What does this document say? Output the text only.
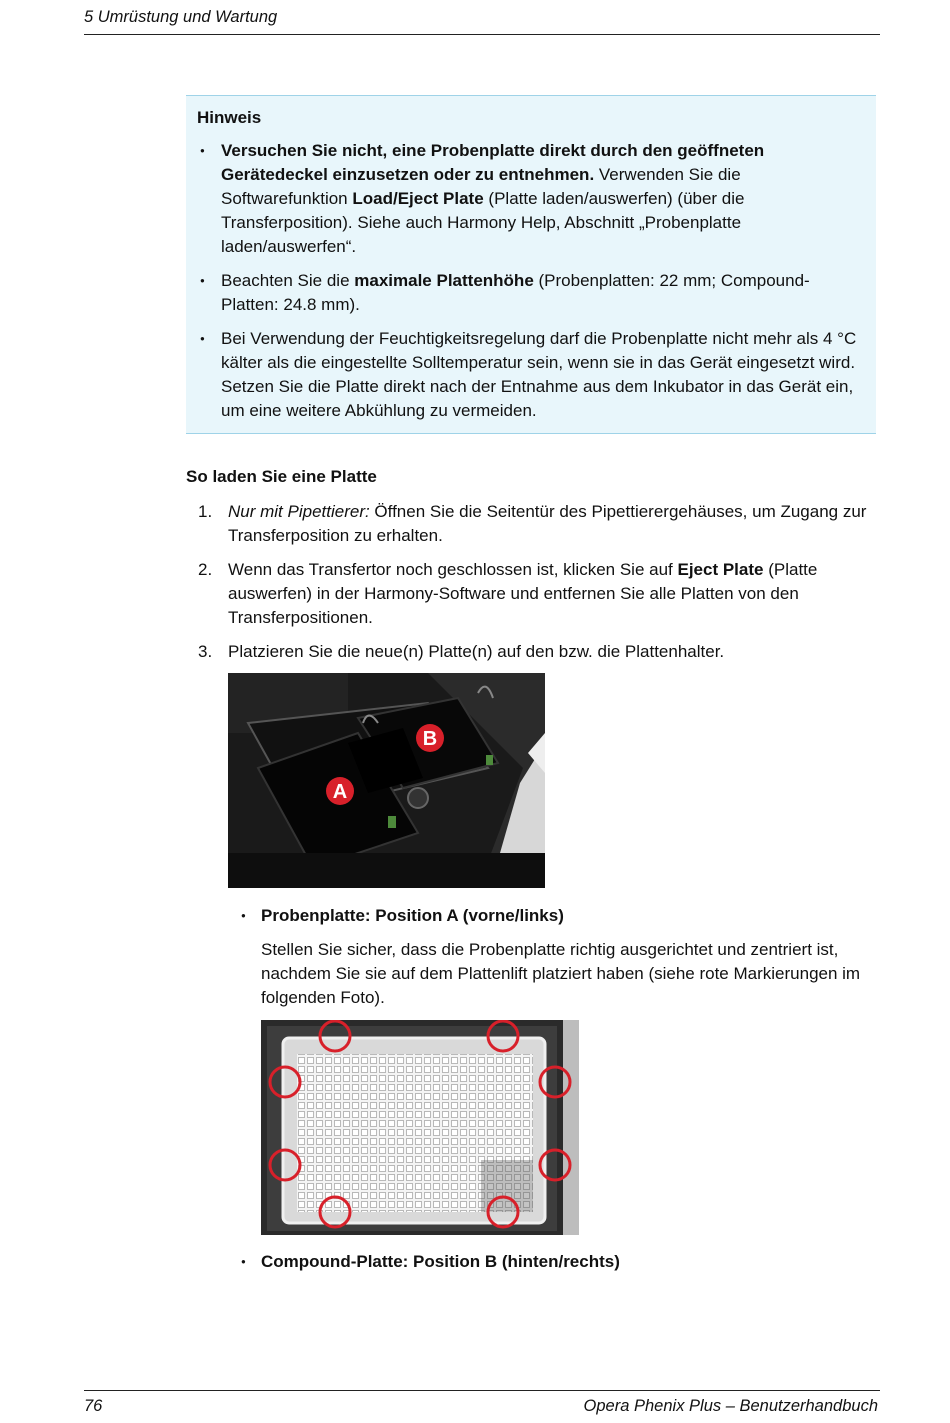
5 Umrüstung und Wartung
Hinweis
● Versuchen Sie nicht, eine Probenplatte direkt durch den geöffneten Gerätedeckel einzusetzen oder zu entnehmen. Verwenden Sie die Softwarefunktion Load/Eject Plate (Platte laden/auswerfen) (über die Transferposition). Siehe auch Harmony Help, Abschnitt „Probenplatte laden/auswerfen“.
● Beachten Sie die maximale Plattenhöhe (Probenplatten: 22 mm; Compound-Platten: 24.8 mm).
● Bei Verwendung der Feuchtigkeitsregelung darf die Probenplatte nicht mehr als 4 °C kälter als die eingestellte Solltemperatur sein, wenn sie in das Gerät eingesetzt wird. Setzen Sie die Platte direkt nach der Entnahme aus dem Inkubator in das Gerät ein, um eine weitere Abkühlung zu vermeiden.
So laden Sie eine Platte
1. Nur mit Pipettierer: Öffnen Sie die Seitentür des Pipettierergehäuses, um Zugang zur Transferposition zu erhalten.
2. Wenn das Transfertor noch geschlossen ist, klicken Sie auf Eject Plate (Platte auswerfen) in der Harmony-Software und entfernen Sie alle Platten von den Transferpositionen.
3. Platzieren Sie die neue(n) Platte(n) auf den bzw. die Plattenhalter.
A
B
● Probenplatte: Position A (vorne/links)

Stellen Sie sicher, dass die Probenplatte richtig ausgerichtet und zentriert ist, nachdem Sie sie auf dem Plattenlift platziert haben (siehe rote Markierungen im folgenden Foto).

● Compound-Platte: Position B (hinten/rechts)
76	Opera Phenix Plus – Benutzerhandbuch
